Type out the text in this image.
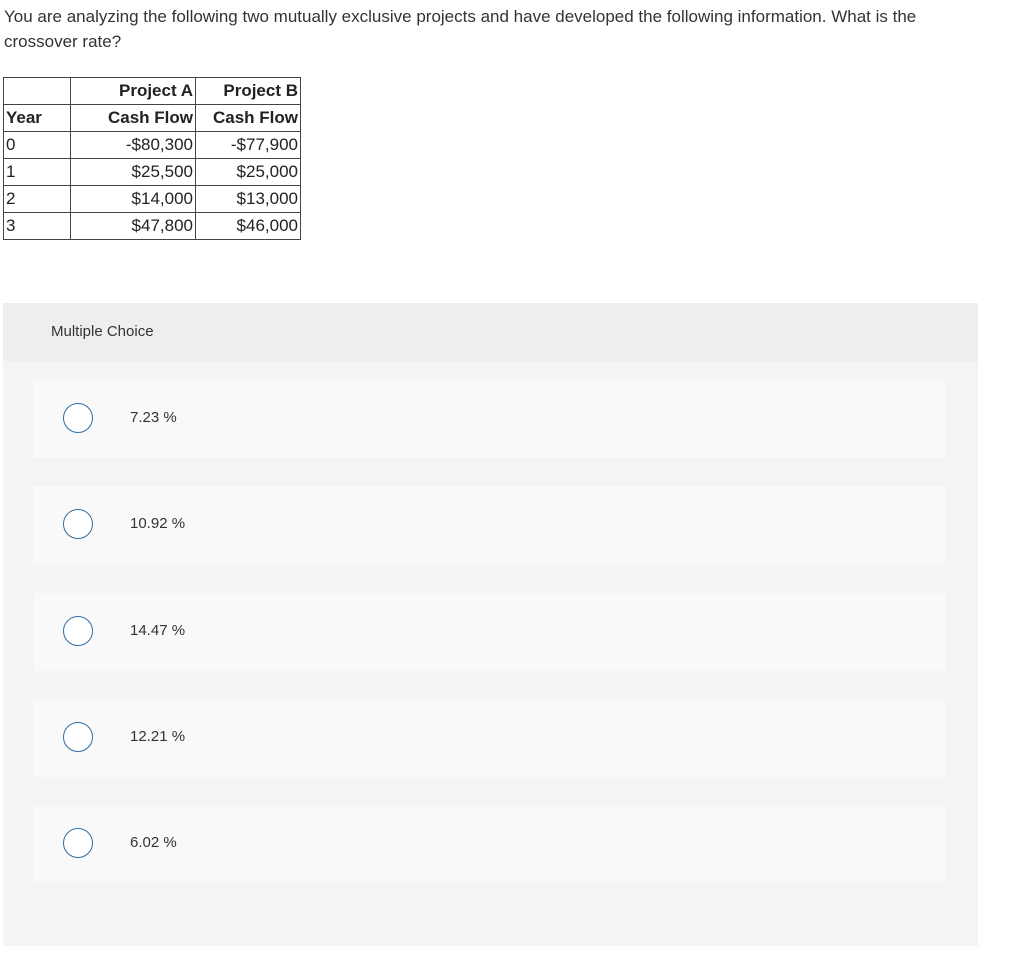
You are analyzing the following two mutually exclusive projects and have developed the following information. What is the crossover rate?

	Project A	Project B
Year	Cash Flow	Cash Flow
0	-$80,300	-$77,900
1	$25,500	$25,000
2	$14,000	$13,000
3	$47,800	$46,000
Multiple Choice
7.23 %
10.92 %
14.47 %
12.21 %
6.02 %
